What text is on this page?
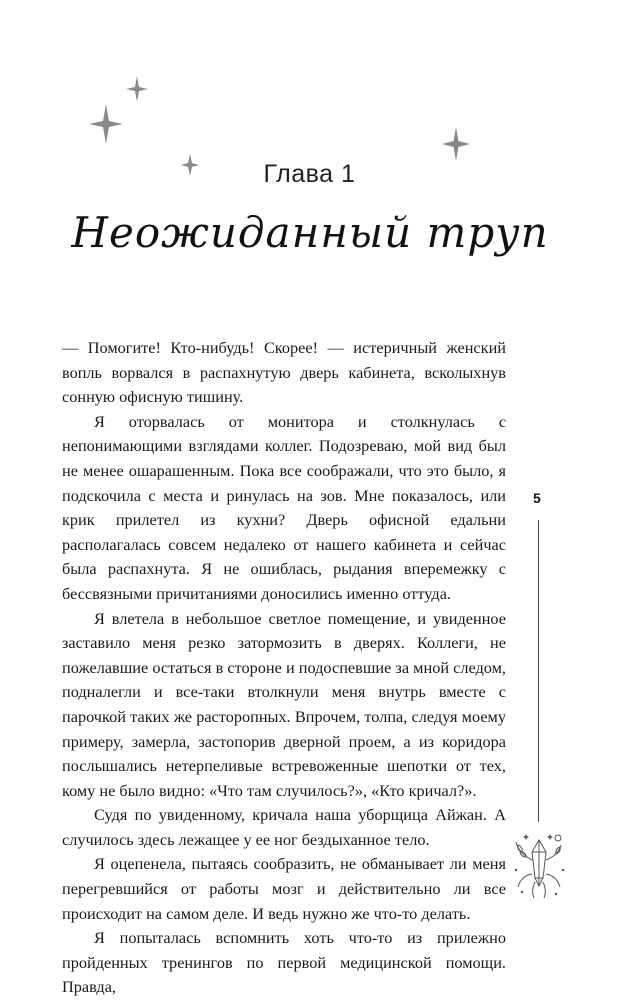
Глава 1
Неожиданный труп

— Помогите! Кто-нибудь! Скорее! — истеричный женский вопль ворвался в распахнутую дверь кабинета, всколыхнув сонную офисную тишину.

Я оторвалась от монитора и столкнулась с непонимающими взглядами коллег. Подозреваю, мой вид был не менее ошарашенным. Пока все соображали, что это было, я подскочила с места и ринулась на зов. Мне показалось, или крик прилетел из кухни? Дверь офисной едальни располагалась совсем недалеко от нашего кабинета и сейчас была распахнута. Я не ошиблась, рыдания вперемежку с бессвязными причитаниями доносились именно оттуда.

Я влетела в небольшое светлое помещение, и увиденное заставило меня резко затормозить в дверях. Коллеги, не пожелавшие остаться в стороне и подоспевшие за мной следом, подналегли и все-таки втолкнули меня внутрь вместе с парочкой таких же расторопных. Впрочем, толпа, следуя моему примеру, замерла, застопорив дверной проем, а из коридора послышались нетерпеливые встревоженные шепотки от тех, кому не было видно: «Что там случилось?», «Кто кричал?».

Судя по увиденному, кричала наша уборщица Айжан. А случилось здесь лежащее у ее ног бездыханное тело.

Я оцепенела, пытаясь сообразить, не обманывает ли меня перегревшийся от работы мозг и действительно ли все происходит на самом деле. И ведь нужно же что-то делать.

Я попыталась вспомнить хоть что-то из прилежно пройденных тренингов по первой медицинской помощи. Правда,

5
